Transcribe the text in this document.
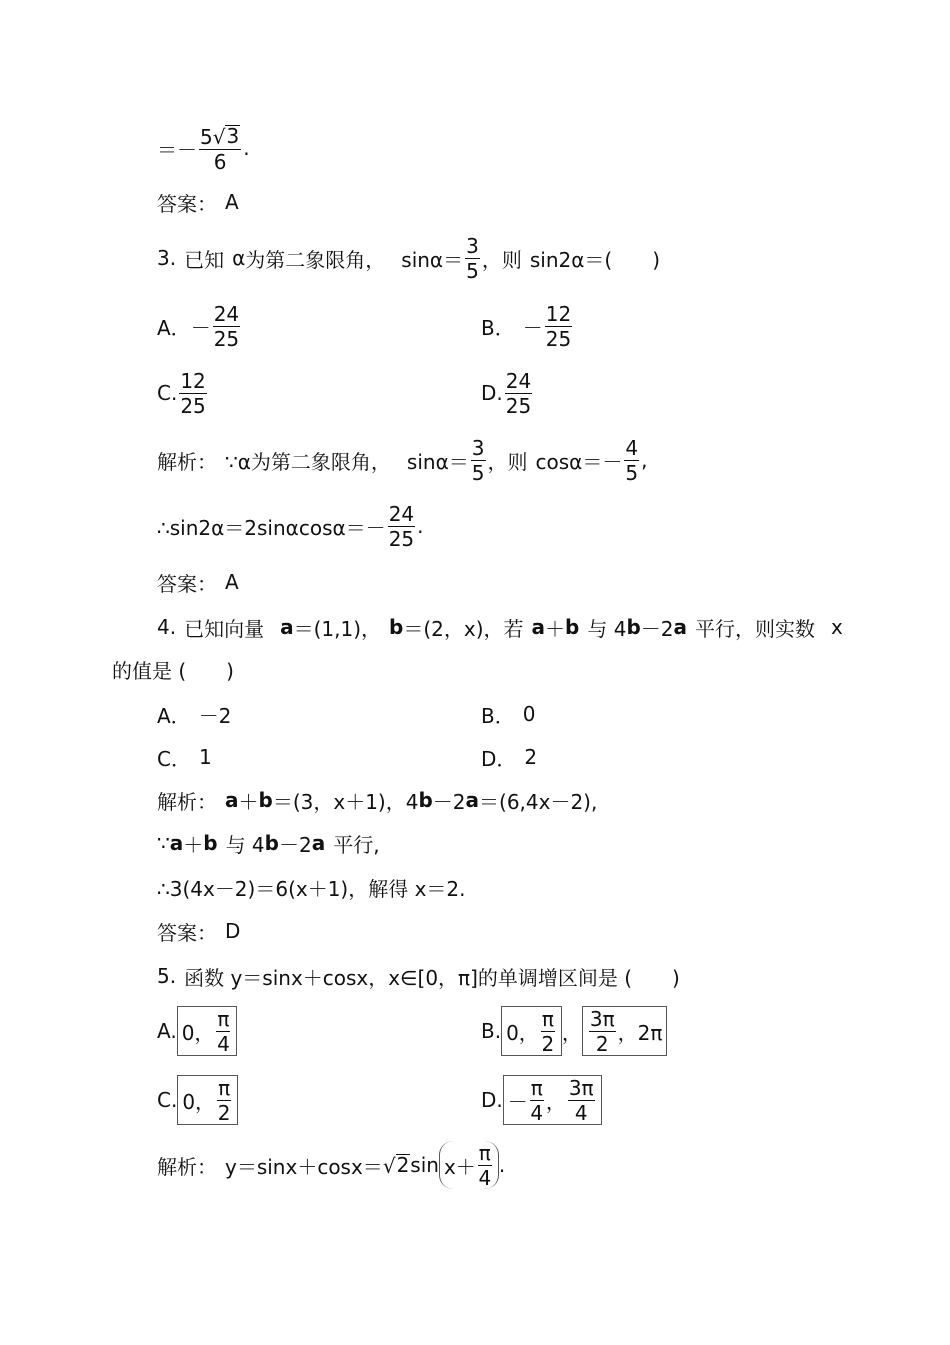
＝－ $\frac{5 √ 3}{6}$ .
答案： A
3. 已知 α 为第二象限角， $\sin\alpha= \frac{3}{5}$ ，则 sin2α＝(　　)
A． － $\frac{24}{25}$	B． － $\frac{12}{25}$
C. $\frac{12}{25}$	D. $\frac{24}{25}$
解析： ∵α为第二象限角， $\sin\alpha= \frac{3}{5}$ ，则 $\cos\alpha=- \frac{4}{5}$ ,
∴sin2α＝2sinαcosα＝－ $\frac{24}{25}$ .
答案： A
4. 已知向量 a ＝(1,1)， b ＝(2，x)，若 a ＋ b 与 4 b －2 a 平行，则实数 x
的值是 (　　)
A． －2	B． 0
C． 1	D． 2
解析： a ＋ b ＝(3，x＋1)，4 b －2 a ＝(6,4x－2),
∵ a ＋ b 与 4 b －2 a 平行,
∴3(4x－2)＝6(x＋1)，解得 x＝2.
答案： D
5. 函数 y＝sinx＋cosx，x∈[0，π]的单调增区间是 (　　)
A. 0， $\frac{\pi}{4}$	B. 0， $\frac{\pi}{2}$ ， $\frac{3\pi}{2}$ ，2π
C. 0， $\frac{\pi}{2}$	D. － $\frac{\pi}{4}$ ， $\frac{3\pi}{4}$
解析： y＝sinx＋cosx＝ √ 2 $\sin x+ \frac{\pi}{4}$ .
